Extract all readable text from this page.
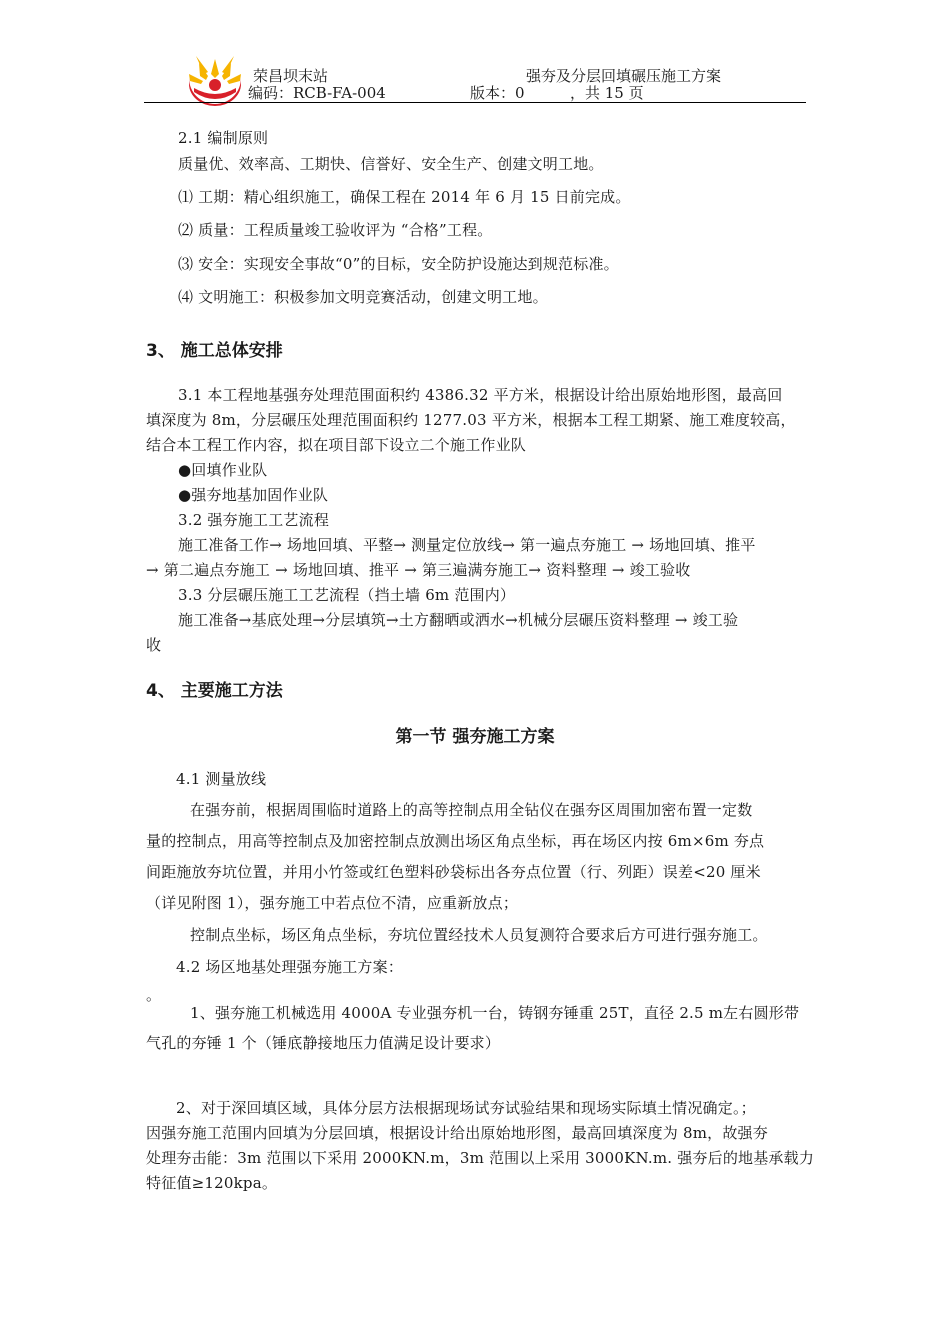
荣昌坝末站	强夯及分层回填碾压施工方案
编码：RCB-FA-004	版本：0	，共 15 页
2.1 编制原则
质量优、效率高、工期快、信誉好、安全生产、创建文明工地。
⑴ 工期：精心组织施工，确保工程在 2014 年 6 月 15 日前完成。
⑵ 质量：工程质量竣工验收评为 “合格”工程。
⑶ 安全：实现安全事故“0”的目标，安全防护设施达到规范标准。
⑷ 文明施工：积极参加文明竞赛活动，创建文明工地。
3、 施工总体安排
3.1 本工程地基强夯处理范围面积约 4386.32 平方米，根据设计给出原始地形图，最高回
填深度为 8m，分层碾压处理范围面积约 1277.03 平方米，根据本工程工期紧、施工难度较高，
结合本工程工作内容，拟在项目部下设立二个施工作业队
●回填作业队
●强夯地基加固作业队
3.2 强夯施工工艺流程
施工准备工作→ 场地回填、平整→ 测量定位放线→ 第一遍点夯施工 → 场地回填、推平
→ 第二遍点夯施工 → 场地回填、推平 → 第三遍满夯施工→ 资料整理 → 竣工验收
3.3 分层碾压施工工艺流程（挡土墙 6m 范围内）
施工准备→基底处理→分层填筑→土方翻晒或洒水→机械分层碾压资料整理 → 竣工验
收
4、 主要施工方法
第一节 强夯施工方案
4.1 测量放线
在强夯前，根据周围临时道路上的高等控制点用全钻仪在强夯区周围加密布置一定数
量的控制点，用高等控制点及加密控制点放测出场区角点坐标，再在场区内按 6m×6m 夯点
间距施放夯坑位置，并用小竹签或红色塑料砂袋标出各夯点位置（行、列距）误差<20 厘米
（详见附图 1），强夯施工中若点位不清，应重新放点；
控制点坐标，场区角点坐标，夯坑位置经技术人员复测符合要求后方可进行强夯施工。
4.2 场区地基处理强夯施工方案：
。
1、强夯施工机械选用 4000A 专业强夯机一台，铸钢夯锤重 25T，直径 2.5 m左右圆形带
气孔的夯锤 1 个（锤底静接地压力值满足设计要求）
2、对于深回填区域，具体分层方法根据现场试夯试验结果和现场实际填土情况确定。；
因强夯施工范围内回填为分层回填，根据设计给出原始地形图，最高回填深度为 8m，故强夯
处理夯击能：3m 范围以下采用 2000KN.m，3m 范围以上采用 3000KN.m. 强夯后的地基承载力
特征值≥120kpa。
